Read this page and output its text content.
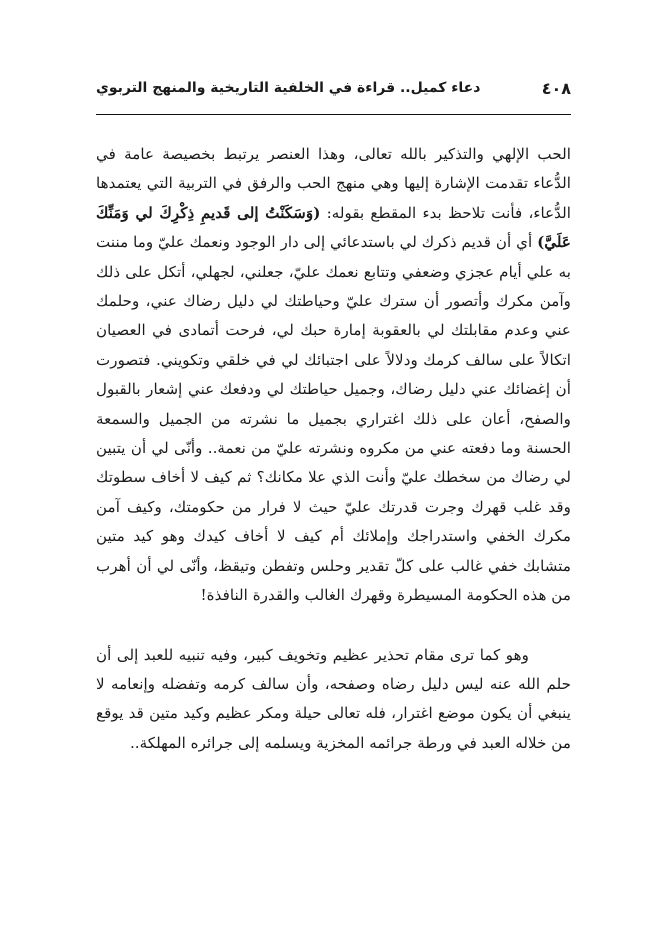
٤٠٨
دعاء كميل.. قراءة في الخلفية التاريخية والمنهج التربوي

الحب الإلهي والتذكير بالله تعالى، وهذا العنصر يرتبط بخصيصة عامة في الدُّعاء تقدمت الإشارة إليها وهي منهج الحب والرفق في التربية التي يعتمدها الدُّعاء، فأنت تلاحظ بدء المقطع بقوله: (وَسَكَنْتُ إلى قَديمِ ذِكْرِكَ لي وَمَنِّكَ عَلَيَّ) أي أن قديم ذكرك لي باستدعائي إلى دار الوجود ونعمك عليّ وما مننت به علي أيام عجزي وضعفي وتتابع نعمك عليّ، جعلني، لجهلي، أتكل على ذلك وآمن مكرك وأتصور أن سترك عليّ وحياطتك لي دليل رضاك عني، وحلمك عني وعدم مقابلتك لي بالعقوبة إمارة حبك لي، فرحت أتمادى في العصيان اتكالاً على سالف كرمك ودلالاً على اجتبائك لي في خلقي وتكويني. فتصورت أن إغضائك عني دليل رضاك، وجميل حياطتك لي ودفعك عني إشعار بالقبول والصفح، أعان على ذلك اغتراري بجميل ما نشرته من الجميل والسمعة الحسنة وما دفعته عني من مكروه ونشرته عليّ من نعمة.. وأنّى لي أن يتبين لي رضاك من سخطك عليّ وأنت الذي علا مكانك؟ ثم كيف لا أخاف سطوتك وقد غلب قهرك وجرت قدرتك عليّ حيث لا فرار من حكومتك، وكيف آمن مكرك الخفي واستدراجك وإملائك أم كيف لا أخاف كيدك وهو كيد متين متشابك خفي غالب على كلّ تقدير وحلس وتفطن وتيقظ، وأنّى لي أن أهرب من هذه الحكومة المسيطرة وقهرك الغالب والقدرة النافذة!

وهو كما ترى مقام تحذير عظيم وتخويف كبير، وفيه تنبيه للعبد إلى أن حلم الله عنه ليس دليل رضاه وصفحه، وأن سالف كرمه وتفضله وإنعامه لا ينبغي أن يكون موضع اغترار، فله تعالى حيلة ومكر عظيم وكيد متين قد يوقع من خلاله العبد في ورطة جرائمه المخزية ويسلمه إلى جرائره المهلكة..
